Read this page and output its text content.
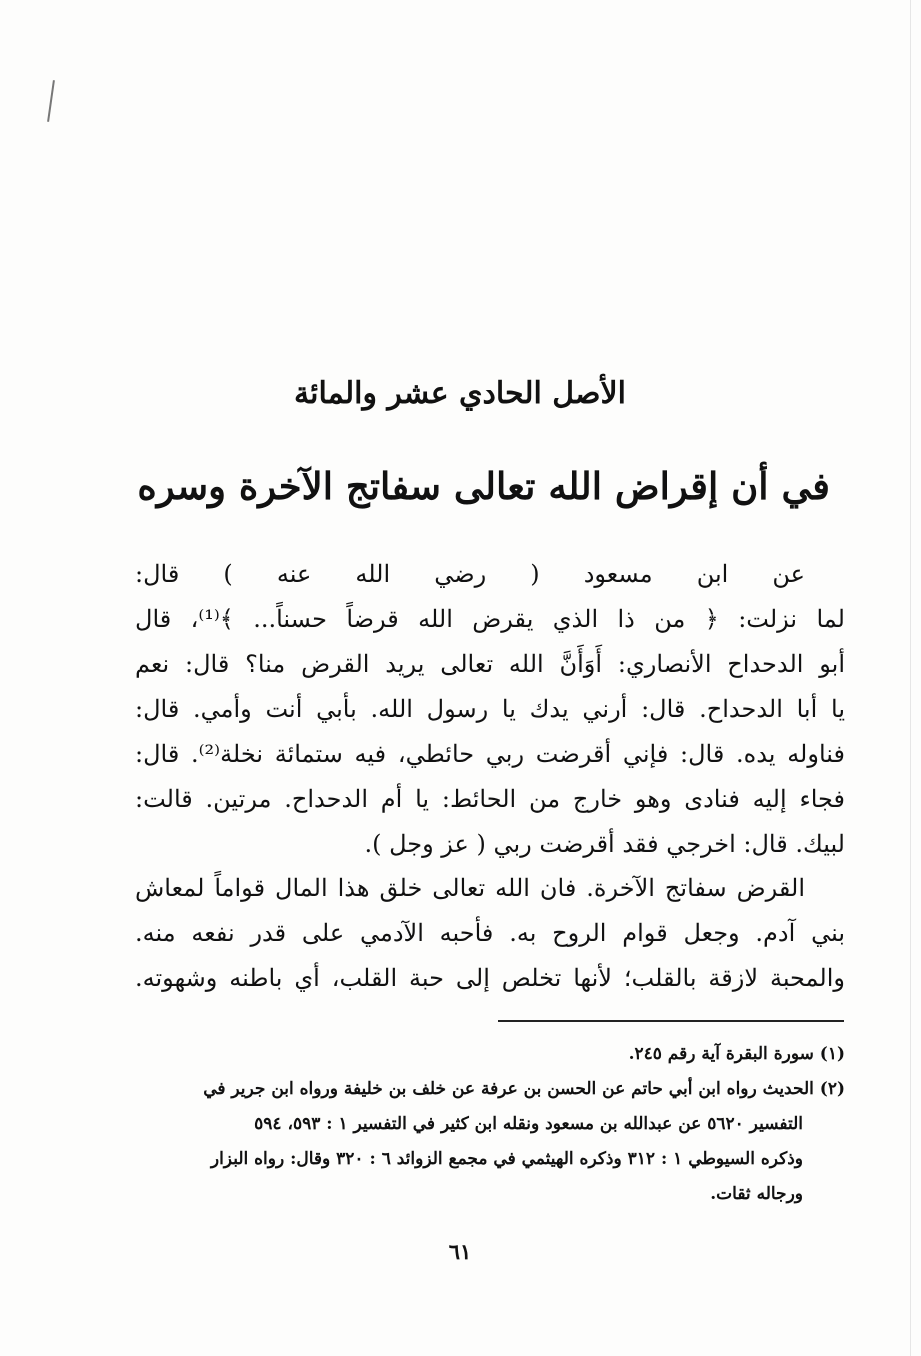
الأصل الحادي عشر والمائة
في أن إقراض الله تعالى سفاتج الآخرة وسره
عن ابن مسعود ( رضي الله عنه ) قال:
لما نزلت: ﴿ من ذا الذي يقرض الله قرضاً حسناً... ﴾⁽¹⁾، قال
أبو الدحداح الأنصاري: أَوَأَنَّ الله تعالى يريد القرض منا؟ قال: نعم
يا أبا الدحداح. قال: أرني يدك يا رسول الله. بأبي أنت وأمي. قال:
فناوله يده. قال: فإني أقرضت ربي حائطي، فيه ستمائة نخلة⁽²⁾. قال:
فجاء إليه فنادى وهو خارج من الحائط: يا أم الدحداح. مرتين. قالت:
لبيك. قال: اخرجي فقد أقرضت ربي ( عز وجل ).
القرض سفاتج الآخرة. فان الله تعالى خلق هذا المال قواماً لمعاش
بني آدم. وجعل قوام الروح به. فأحبه الآدمي على قدر نفعه منه.
والمحبة لازقة بالقلب؛ لأنها تخلص إلى حبة القلب، أي باطنه وشهوته.
(١) سورة البقرة آية رقم ٢٤٥.
(٢) الحديث رواه ابن أبي حاتم عن الحسن بن عرفة عن خلف بن خليفة ورواه ابن جرير في
التفسير ٥٦٢٠ عن عبدالله بن مسعود ونقله ابن كثير في التفسير ١ : ٥٩٣، ٥٩٤
وذكره السيوطي ١ : ٣١٢ وذكره الهيثمي في مجمع الزوائد ٦ : ٣٢٠ وقال: رواه البزار
ورجاله ثقات.
٦١
